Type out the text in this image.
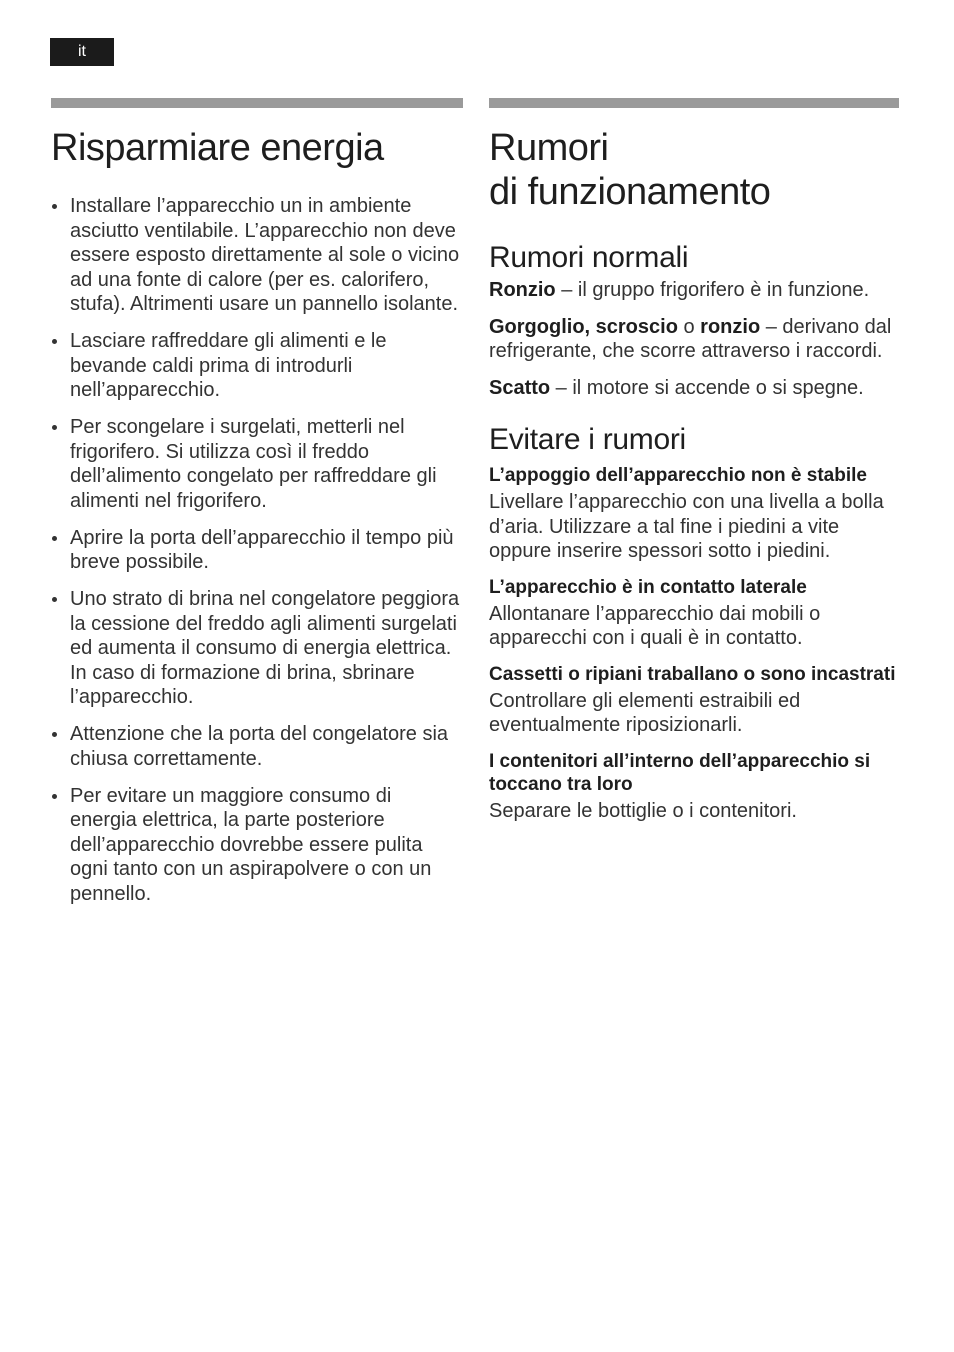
it
Risparmiare energia
Installare l’apparecchio un in ambiente asciutto ventilabile. L’apparecchio non deve essere esposto direttamente al sole o vicino ad una fonte di calore (per es. calorifero, stufa). Altrimenti usare un pannello isolante.
Lasciare raffreddare gli alimenti e le bevande caldi prima di introdurli nell’apparecchio.
Per scongelare i surgelati, metterli nel frigorifero. Si utilizza così il freddo dell’alimento congelato per raffreddare gli alimenti nel frigorifero.
Aprire la porta dell’apparecchio il tempo più breve possibile.
Uno strato di brina nel congelatore peggiora la cessione del freddo agli alimenti surgelati ed aumenta il consumo di energia elettrica. In caso di formazione di brina, sbrinare l’apparecchio.
Attenzione che la porta del congelatore sia chiusa correttamente.
Per evitare un maggiore consumo di energia elettrica, la parte posteriore dell’apparecchio dovrebbe essere pulita ogni tanto con un aspirapolvere o con un pennello.
Rumori
di funzionamento
Rumori normali

Ronzio – il gruppo frigorifero è in funzione.

Gorgoglio, scroscio o ronzio – derivano dal refrigerante, che scorre attraverso i raccordi.

Scatto – il motore si accende o si spegne.

Evitare i rumori
L’appoggio dell’apparecchio non è stabile
Livellare l’apparecchio con una livella a bolla d’aria. Utilizzare a tal fine i piedini a vite oppure inserire spessori sotto i piedini.
L’apparecchio è in contatto laterale
Allontanare l’apparecchio dai mobili o apparecchi con i quali è in contatto.
Cassetti o ripiani traballano o sono incastrati
Controllare gli elementi estraibili ed eventualmente riposizionarli.
I contenitori all’interno dell’apparecchio si toccano tra loro
Separare le bottiglie o i contenitori.
